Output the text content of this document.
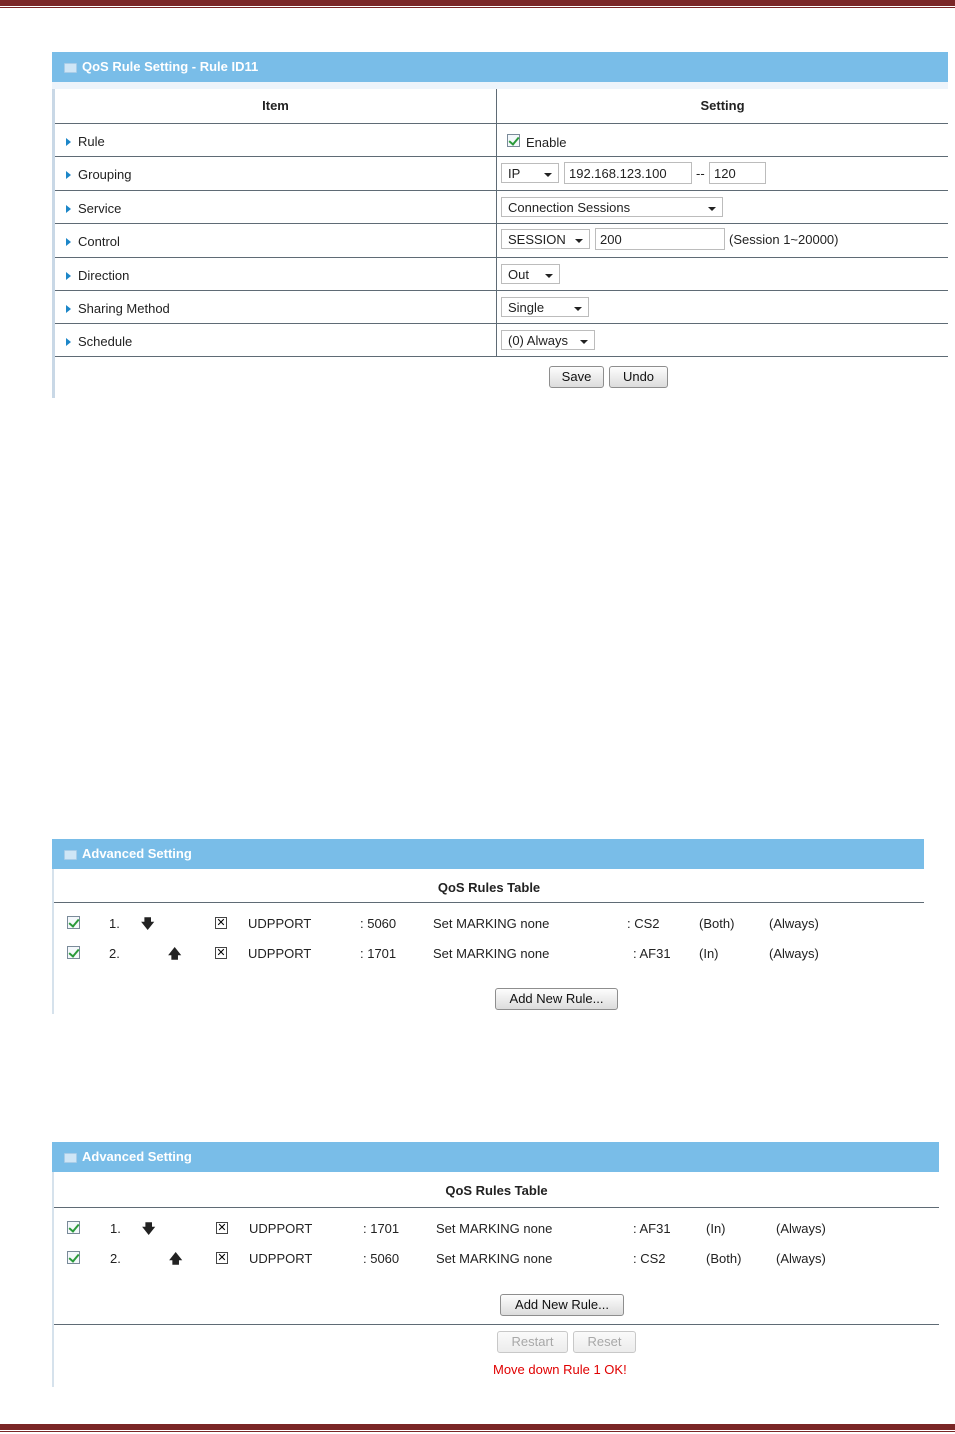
QoS Rule Setting - Rule ID11
Item	Setting
Rule	Enable
Grouping	IP	192.168.123.100	-- 120
Service	Connection Sessions
Control	SESSION	200	(Session 1~20000)
Direction	Out
Sharing Method	Single
Schedule	(0) Always
Save	Undo
Advanced Setting
QoS Rules Table
1. 🡇	✕ UDPPORT	: 5060	Set MARKING none	: CS2	(Both)	(Always)
2.	🡅	✕ UDPPORT	: 1701	Set MARKING none	: AF31 (In)	(Always)
Add New Rule...
Advanced Setting
QoS Rules Table
1. 🡇	✕ UDPPORT	: 1701	Set MARKING none	: AF31	(In)	(Always)
2.	🡅	✕ UDPPORT	: 5060	Set MARKING none	: CS2	(Both)	(Always)
Add New Rule...
Restart	Reset
Move down Rule 1 OK!
